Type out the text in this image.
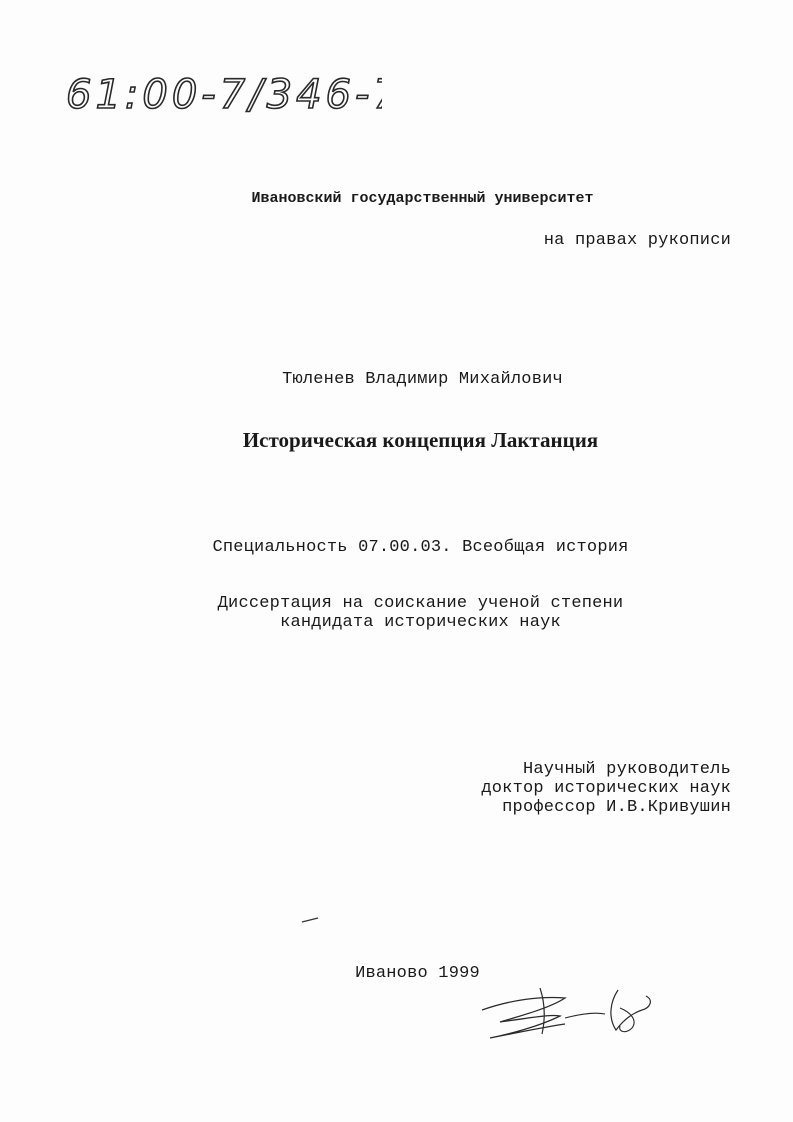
61:00-7/346-7
Ивановский государственный университет
на правах рукописи
Тюленев Владимир Михайлович
Историческая концепция Лактанция
Специальность 07.00.03. Всеобщая история
Диссертация на соискание ученой степени
кандидата исторических наук
Научный руководитель
доктор исторических наук
профессор И.В.Кривушин
Иваново 1999
